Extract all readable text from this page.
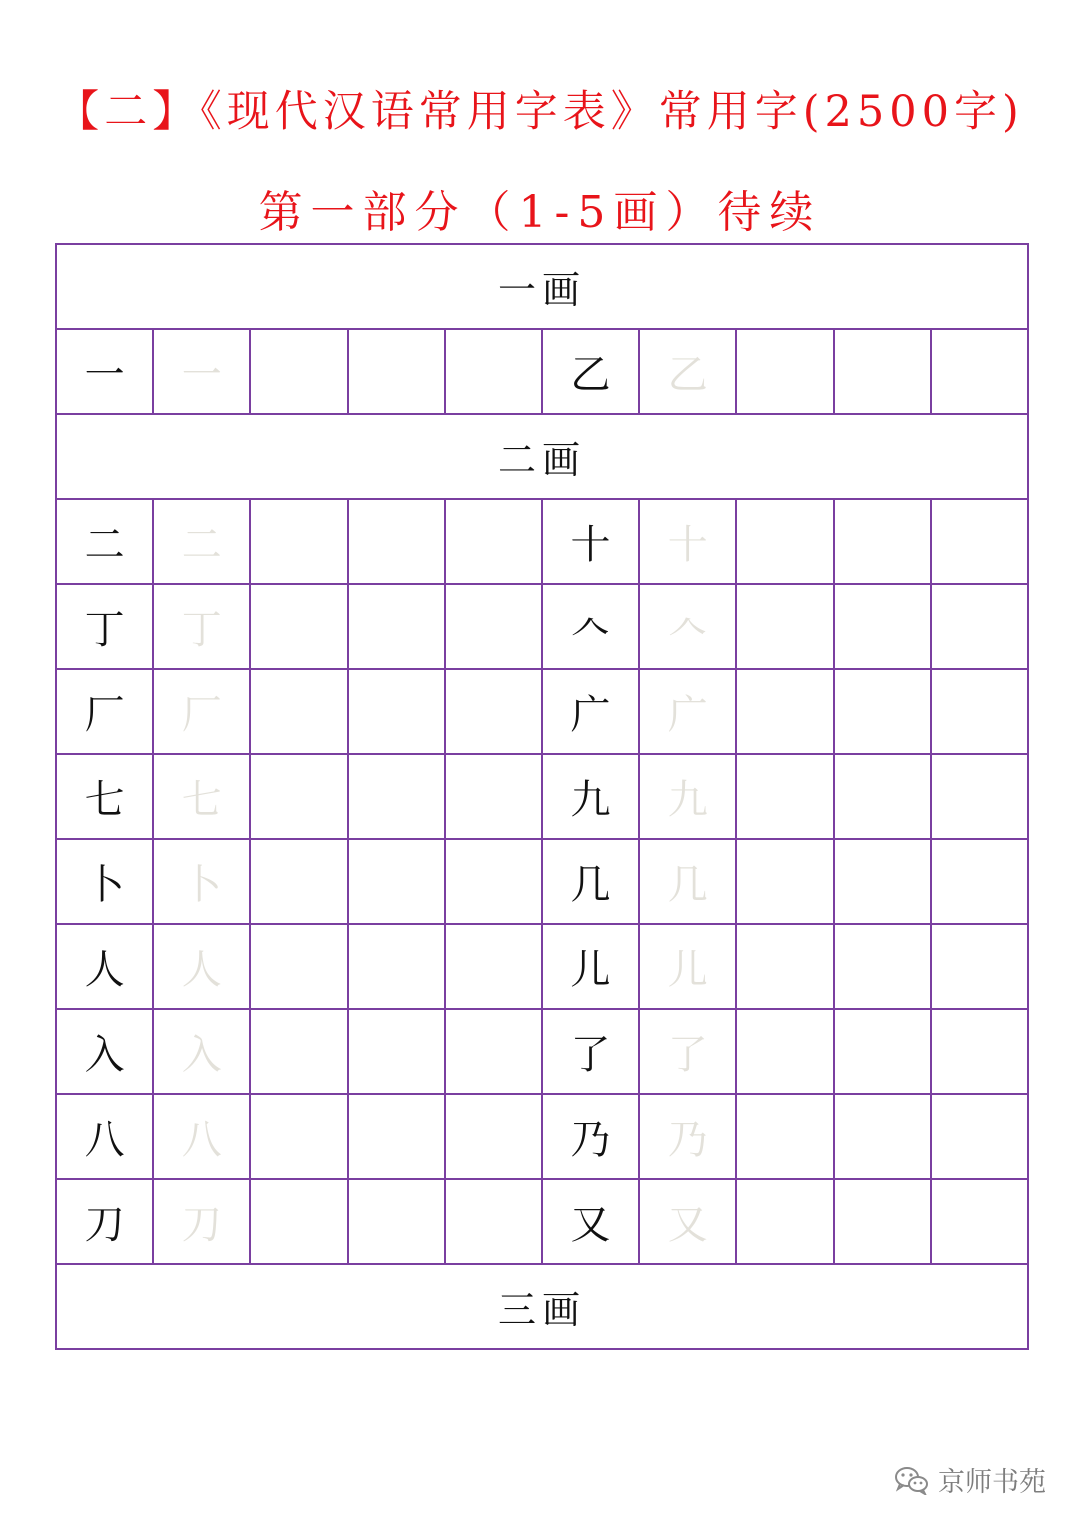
【二】《现代汉语常用字表》常用字(2500字)
第一部分（1-5画）待续
一画									
一	一				乙	乙			
二画									
二	二				十	十			
丁	丁				𠆢	𠆢			
厂	厂				广	广			
七	七				九	九			
卜	卜				几	几			
人	人				儿	儿			
入	入				了	了			
八	八				乃	乃			
刀	刀				又	又			
三画									
京师书苑
